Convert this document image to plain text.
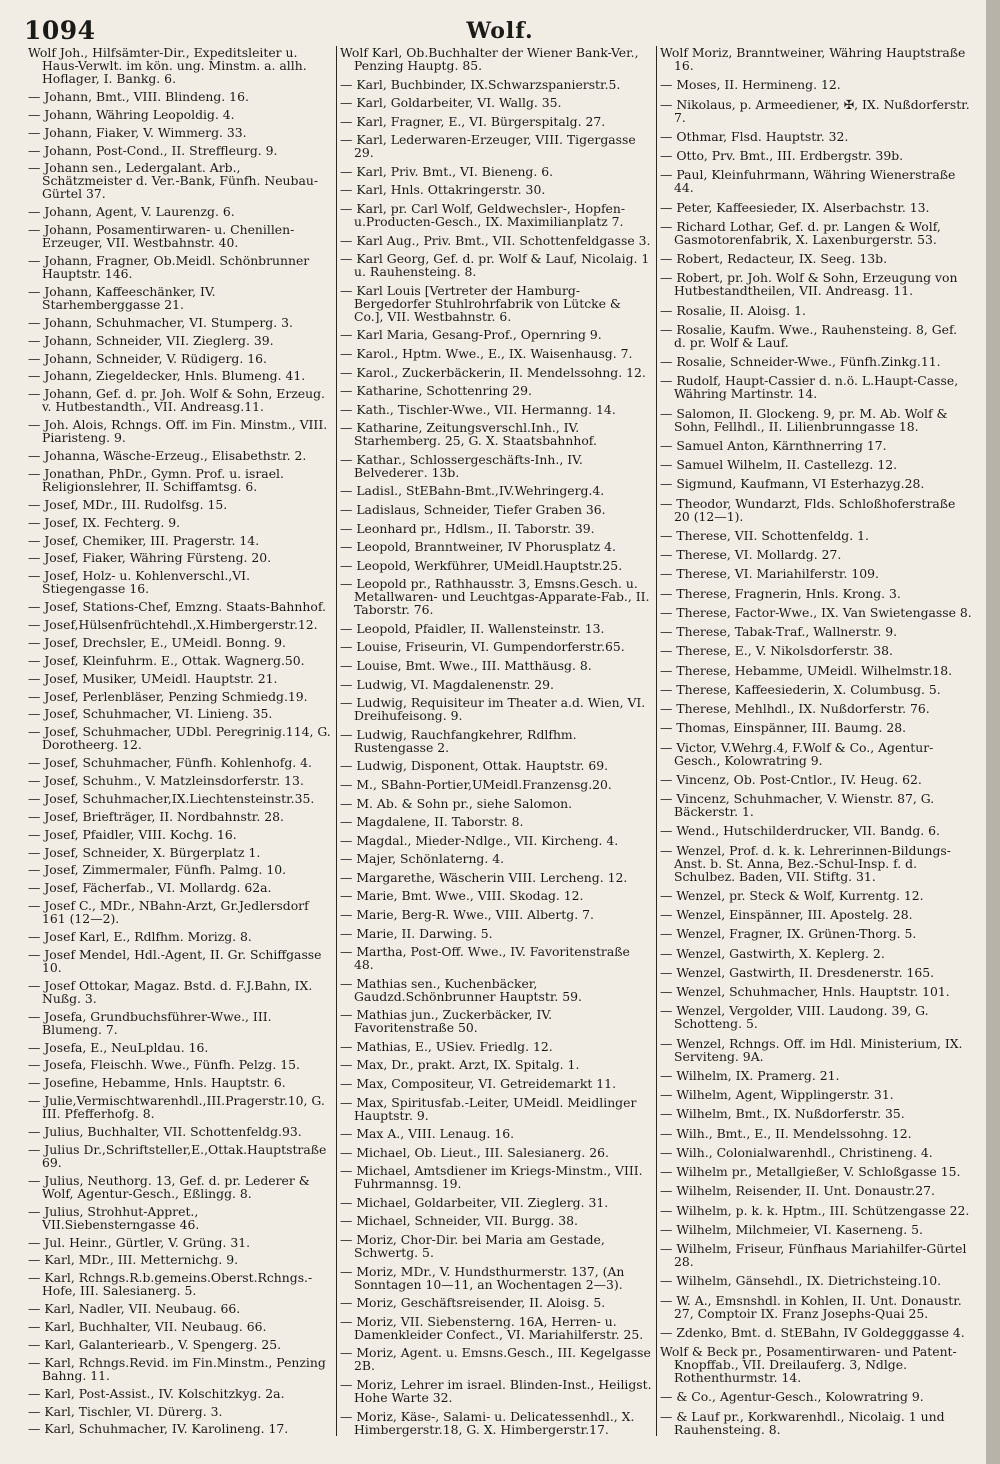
1094	Wolf.

Wolf Joh., Hilfsämter-Dir., Expeditsleiter u. Haus-Verwlt. im kön. ung. Minstm. a. allh. Hoflager, I. Bankg. 6.

— Johann, Bmt., VIII. Blindeng. 16.

— Johann, Währing Leopoldig. 4.

— Johann, Fiaker, V. Wimmerg. 33.

— Johann, Post-Cond., II. Streffleurg. 9.

— Johann sen., Ledergalant. Arb., Schätzmeister d. Ver.-Bank, Fünfh. Neubau-Gürtel 37.

— Johann, Agent, V. Laurenzg. 6.

— Johann, Posamentirwaren- u. Chenillen-Erzeuger, VII. Westbahnstr. 40.

— Johann, Fragner, Ob.Meidl. Schönbrunner Hauptstr. 146.

— Johann, Kaffeeschänker, IV. Starhemberggasse 21.

— Johann, Schuhmacher, VI. Stumperg. 3.

— Johann, Schneider, VII. Zieglerg. 39.

— Johann, Schneider, V. Rüdigerg. 16.

— Johann, Ziegeldecker, Hnls. Blumeng. 41.

— Johann, Gef. d. pr. Joh. Wolf & Sohn, Erzeug. v. Hutbestandth., VII. Andreasg.11.

— Joh. Alois, Rchngs. Off. im Fin. Minstm., VIII. Piaristeng. 9.

— Johanna, Wäsche-Erzeug., Elisabethstr. 2.

— Jonathan, PhDr., Gymn. Prof. u. israel. Religionslehrer, II. Schiffamtsg. 6.

— Josef, MDr., III. Rudolfsg. 15.

— Josef, IX. Fechterg. 9.

— Josef, Chemiker, III. Pragerstr. 14.

— Josef, Fiaker, Währing Fürsteng. 20.

— Josef, Holz- u. Kohlenverschl.,VI. Stiegengasse 16.

— Josef, Stations-Chef, Emzng. Staats-Bahnhof.

— Josef,Hülsenfrüchtehdl.,X.Himbergerstr.12.

— Josef, Drechsler, E., UMeidl. Bonng. 9.

— Josef, Kleinfuhrm. E., Ottak. Wagnerg.50.

— Josef, Musiker, UMeidl. Hauptstr. 21.

— Josef, Perlenbläser, Penzing Schmiedg.19.

— Josef, Schuhmacher, VI. Linieng. 35.

— Josef, Schuhmacher, UDbl. Peregrinig.114, G. Dorotheerg. 12.

— Josef, Schuhmacher, Fünfh. Kohlenhofg. 4.

— Josef, Schuhm., V. Matzleinsdorferstr. 13.

— Josef, Schuhmacher,IX.Liechtensteinstr.35.

— Josef, Briefträger, II. Nordbahnstr. 28.

— Josef, Pfaidler, VIII. Kochg. 16.

— Josef, Schneider, X. Bürgerplatz 1.

— Josef, Zimmermaler, Fünfh. Palmg. 10.

— Josef, Fächerfab., VI. Mollardg. 62a.

— Josef C., MDr., NBahn-Arzt, Gr.Jedlersdorf 161 (12—2).

— Josef Karl, E., Rdlfhm. Morizg. 8.

— Josef Mendel, Hdl.-Agent, II. Gr. Schiffgasse 10.

— Josef Ottokar, Magaz. Bstd. d. F.J.Bahn, IX. Nußg. 3.

— Josefa, Grundbuchsführer-Wwe., III. Blumeng. 7.

— Josefa, E., NeuLpldau. 16.

— Josefa, Fleischh. Wwe., Fünfh. Pelzg. 15.

— Josefine, Hebamme, Hnls. Hauptstr. 6.

— Julie,Vermischtwarenhdl.,III.Pragerstr.10, G. III. Pfefferhofg. 8.

— Julius, Buchhalter, VII. Schottenfeldg.93.

— Julius Dr.,Schriftsteller,E.,Ottak.Hauptstraße 69.

— Julius, Neuthorg. 13, Gef. d. pr. Lederer & Wolf, Agentur-Gesch., Eßlingg. 8.

— Julius, Strohhut-Appret., VII.Siebensterngasse 46.

— Jul. Heinr., Gürtler, V. Grüng. 31.

— Karl, MDr., III. Metternichg. 9.

— Karl, Rchngs.R.b.gemeins.Oberst.Rchngs.-Hofe, III. Salesianerg. 5.

— Karl, Nadler, VII. Neubaug. 66.

— Karl, Buchhalter, VII. Neubaug. 66.

— Karl, Galanteriearb., V. Spengerg. 25.

— Karl, Rchngs.Revid. im Fin.Minstm., Penzing Bahng. 11.

— Karl, Post-Assist., IV. Kolschitzkyg. 2a.

— Karl, Tischler, VI. Dürerg. 3.

— Karl, Schuhmacher, IV. Karolineng. 17.

Wolf Karl, Ob.Buchhalter der Wiener Bank-Ver., Penzing Hauptg. 85.

— Karl, Buchbinder, IX.Schwarzspanierstr.5.

— Karl, Goldarbeiter, VI. Wallg. 35.

— Karl, Fragner, E., VI. Bürgerspitalg. 27.

— Karl, Lederwaren-Erzeuger, VIII. Tigergasse 29.

— Karl, Priv. Bmt., VI. Bieneng. 6.

— Karl, Hnls. Ottakringerstr. 30.

— Karl, pr. Carl Wolf, Geldwechsler-, Hopfen-u.Producten-Gesch., IX. Maximilianplatz 7.

— Karl Aug., Priv. Bmt., VII. Schottenfeldgasse 3.

— Karl Georg, Gef. d. pr. Wolf & Lauf, Nicolaig. 1 u. Rauhensteing. 8.

— Karl Louis [Vertreter der Hamburg-Bergedorfer Stuhlrohrfabrik von Lütcke & Co.], VII. Westbahnstr. 6.

— Karl Maria, Gesang-Prof., Opernring 9.

— Karol., Hptm. Wwe., E., IX. Waisenhausg. 7.

— Karol., Zuckerbäckerin, II. Mendelssohng. 12.

— Katharine, Schottenring 29.

— Kath., Tischler-Wwe., VII. Hermanng. 14.

— Katharine, Zeitungsverschl.Inh., IV. Starhemberg. 25, G. X. Staatsbahnhof.

— Kathar., Schlossergeschäfts-Inh., IV. Belvederег. 13b.

— Ladisl., StEBahn-Bmt.,IV.Wehringerg.4.

— Ladislaus, Schneider, Tiefer Graben 36.

— Leonhard pr., Hdlsm., II. Taborstr. 39.

— Leopold, Branntweiner, IV Phorusplatz 4.

— Leopold, Werkführer, UMeidl.Hauptstr.25.

— Leopold pr., Rathhausstr. 3, Emsns.Gesch. u. Metallwaren- und Leuchtgas-Apparate-Fab., II. Taborstr. 76.

— Leopold, Pfaidler, II. Wallensteinstr. 13.

— Louise, Friseurin, VI. Gumpendorferstr.65.

— Louise, Bmt. Wwe., III. Matthäusg. 8.

— Ludwig, VI. Magdalenenstr. 29.

— Ludwig, Requisiteur im Theater a.d. Wien, VI. Dreihufeisong. 9.

— Ludwig, Rauchfangkehrer, Rdlfhm. Rustengasse 2.

— Ludwig, Disponent, Ottak. Hauptstr. 69.

— M., SBahn-Portier,UMeidl.Franzensg.20.

— M. Ab. & Sohn pr., siehe Salomon.

— Magdalene, II. Taborstr. 8.

— Magdal., Mieder-Ndlge., VII. Kircheng. 4.

— Majer, Schönlaterng. 4.

— Margarethe, Wäscherin VIII. Lercheng. 12.

— Marie, Bmt. Wwe., VIII. Skodag. 12.

— Marie, Berg-R. Wwe., VIII. Albertg. 7.

— Marie, II. Darwing. 5.

— Martha, Post-Off. Wwe., IV. Favoritenstraße 48.

— Mathias sen., Kuchenbäcker, Gaudzd.Schönbrunner Hauptstr. 59.

— Mathias jun., Zuckerbäcker, IV. Favoritenstraße 50.

— Mathias, E., USiev. Friedlg. 12.

— Max, Dr., prakt. Arzt, IX. Spitalg. 1.

— Max, Compositeur, VI. Getreidemarkt 11.

— Max, Spiritusfab.-Leiter, UMeidl. Meidlinger Hauptstr. 9.

— Max A., VIII. Lenaug. 16.

— Michael, Ob. Lieut., III. Salesianerg. 26.

— Michael, Amtsdiener im Kriegs-Minstm., VIII. Fuhrmannsg. 19.

— Michael, Goldarbeiter, VII. Zieglerg. 31.

— Michael, Schneider, VII. Burgg. 38.

— Moriz, Chor-Dir. bei Maria am Gestade, Schwertg. 5.

— Moriz, MDr., V. Hundsthurmerstr. 137, (An Sonntagen 10—11, an Wochentagen 2—3).

— Moriz, Geschäftsreisender, II. Aloisg. 5.

— Moriz, VII. Siebensterng. 16A, Herren- u. Damenkleider Confect., VI. Mariahilferstr. 25.

— Moriz, Agent. u. Emsns.Gesch., III. Kegelgasse 2B.

— Moriz, Lehrer im israel. Blinden-Inst., Heiligst. Hohe Warte 32.

— Moriz, Käse-, Salami- u. Delicatessenhdl., X. Himbergerstr.18, G. X. Himbergerstr.17.

Wolf Moriz, Branntweiner, Währing Hauptstraße 16.

— Moses, II. Hermineng. 12.

— Nikolaus, p. Armeediener, ✠, IX. Nußdorferstr. 7.

— Othmar, Flsd. Hauptstr. 32.

— Otto, Prv. Bmt., III. Erdbergstr. 39b.

— Paul, Kleinfuhrmann, Währing Wienerstraße 44.

— Peter, Kaffeesieder, IX. Alserbachstr. 13.

— Richard Lothar, Gef. d. pr. Langen & Wolf, Gasmotorenfabrik, X. Laxenburgerstr. 53.

— Robert, Redacteur, IX. Seeg. 13b.

— Robert, pr. Joh. Wolf & Sohn, Erzeugung von Hutbestandtheilen, VII. Andreasg. 11.

— Rosalie, II. Aloisg. 1.

— Rosalie, Kaufm. Wwe., Rauhensteing. 8, Gef. d. pr. Wolf & Lauf.

— Rosalie, Schneider-Wwe., Fünfh.Zinkg.11.

— Rudolf, Haupt-Cassier d. n.ö. L.Haupt-Casse, Währing Martinstr. 14.

— Salomon, II. Glockeng. 9, pr. M. Ab. Wolf & Sohn, Fellhdl., II. Lilienbrunngasse 18.

— Samuel Anton, Kärnthnerring 17.

— Samuel Wilhelm, II. Castellezg. 12.

— Sigmund, Kaufmann, VI Esterhazyg.28.

— Theodor, Wundarzt, Flds. Schloßhoferstraße 20 (12—1).

— Therese, VII. Schottenfeldg. 1.

— Therese, VI. Mollardg. 27.

— Therese, VI. Mariahilferstr. 109.

— Therese, Fragnerin, Hnls. Krong. 3.

— Therese, Factor-Wwe., IX. Van Swietengasse 8.

— Therese, Tabak-Traf., Wallnerstr. 9.

— Therese, E., V. Nikolsdorferstr. 38.

— Therese, Hebamme, UMeidl. Wilhelmstr.18.

— Therese, Kaffeesiederin, X. Columbusg. 5.

— Therese, Mehlhdl., IX. Nußdorferstr. 76.

— Thomas, Einspänner, III. Baumg. 28.

— Victor, V.Wehrg.4, F.Wolf & Co., Agentur-Gesch., Kolowratring 9.

— Vincenz, Ob. Post-Cntlor., IV. Heug. 62.

— Vincenz, Schuhmacher, V. Wienstr. 87, G. Bäckerstr. 1.

— Wend., Hutschilderdrucker, VII. Bandg. 6.

— Wenzel, Prof. d. k. k. Lehrerinnen-Bildungs-Anst. b. St. Anna, Bez.-Schul-Insp. f. d. Schulbez. Baden, VII. Stiftg. 31.

— Wenzel, pr. Steck & Wolf, Kurrentg. 12.

— Wenzel, Einspänner, III. Apostelg. 28.

— Wenzel, Fragner, IX. Grünen-Thorg. 5.

— Wenzel, Gastwirth, X. Keplerg. 2.

— Wenzel, Gastwirth, II. Dresdenerstr. 165.

— Wenzel, Schuhmacher, Hnls. Hauptstr. 101.

— Wenzel, Vergolder, VIII. Laudong. 39, G. Schotteng. 5.

— Wenzel, Rchngs. Off. im Hdl. Ministerium, IX. Serviteng. 9A.

— Wilhelm, IX. Pramerg. 21.

— Wilhelm, Agent, Wipplingerstr. 31.

— Wilhelm, Bmt., IX. Nußdorferstr. 35.

— Wilh., Bmt., E., II. Mendelssohng. 12.

— Wilh., Colonialwarenhdl., Christineng. 4.

— Wilhelm pr., Metallgießer, V. Schloßgasse 15.

— Wilhelm, Reisender, II. Unt. Donaustr.27.

— Wilhelm, p. k. k. Hptm., III. Schützengasse 22.

— Wilhelm, Milchmeier, VI. Kaserneng. 5.

— Wilhelm, Friseur, Fünfhaus Mariahilfer-Gürtel 28.

— Wilhelm, Gänsehdl., IX. Dietrichsteing.10.

— W. A., Emsnshdl. in Kohlen, II. Unt. Donaustr. 27, Comptoir IX. Franz Josephs-Quai 25.

— Zdenko, Bmt. d. StEBahn, IV Goldegggasse 4.

Wolf & Beck pr., Posamentirwaren- und Patent-Knopffab., VII. Dreilauferg. 3, Ndlge. Rothenthurmstr. 14.

— & Co., Agentur-Gesch., Kolowratring 9.

— & Lauf pr., Korkwarenhdl., Nicolaig. 1 und Rauhensteing. 8.
